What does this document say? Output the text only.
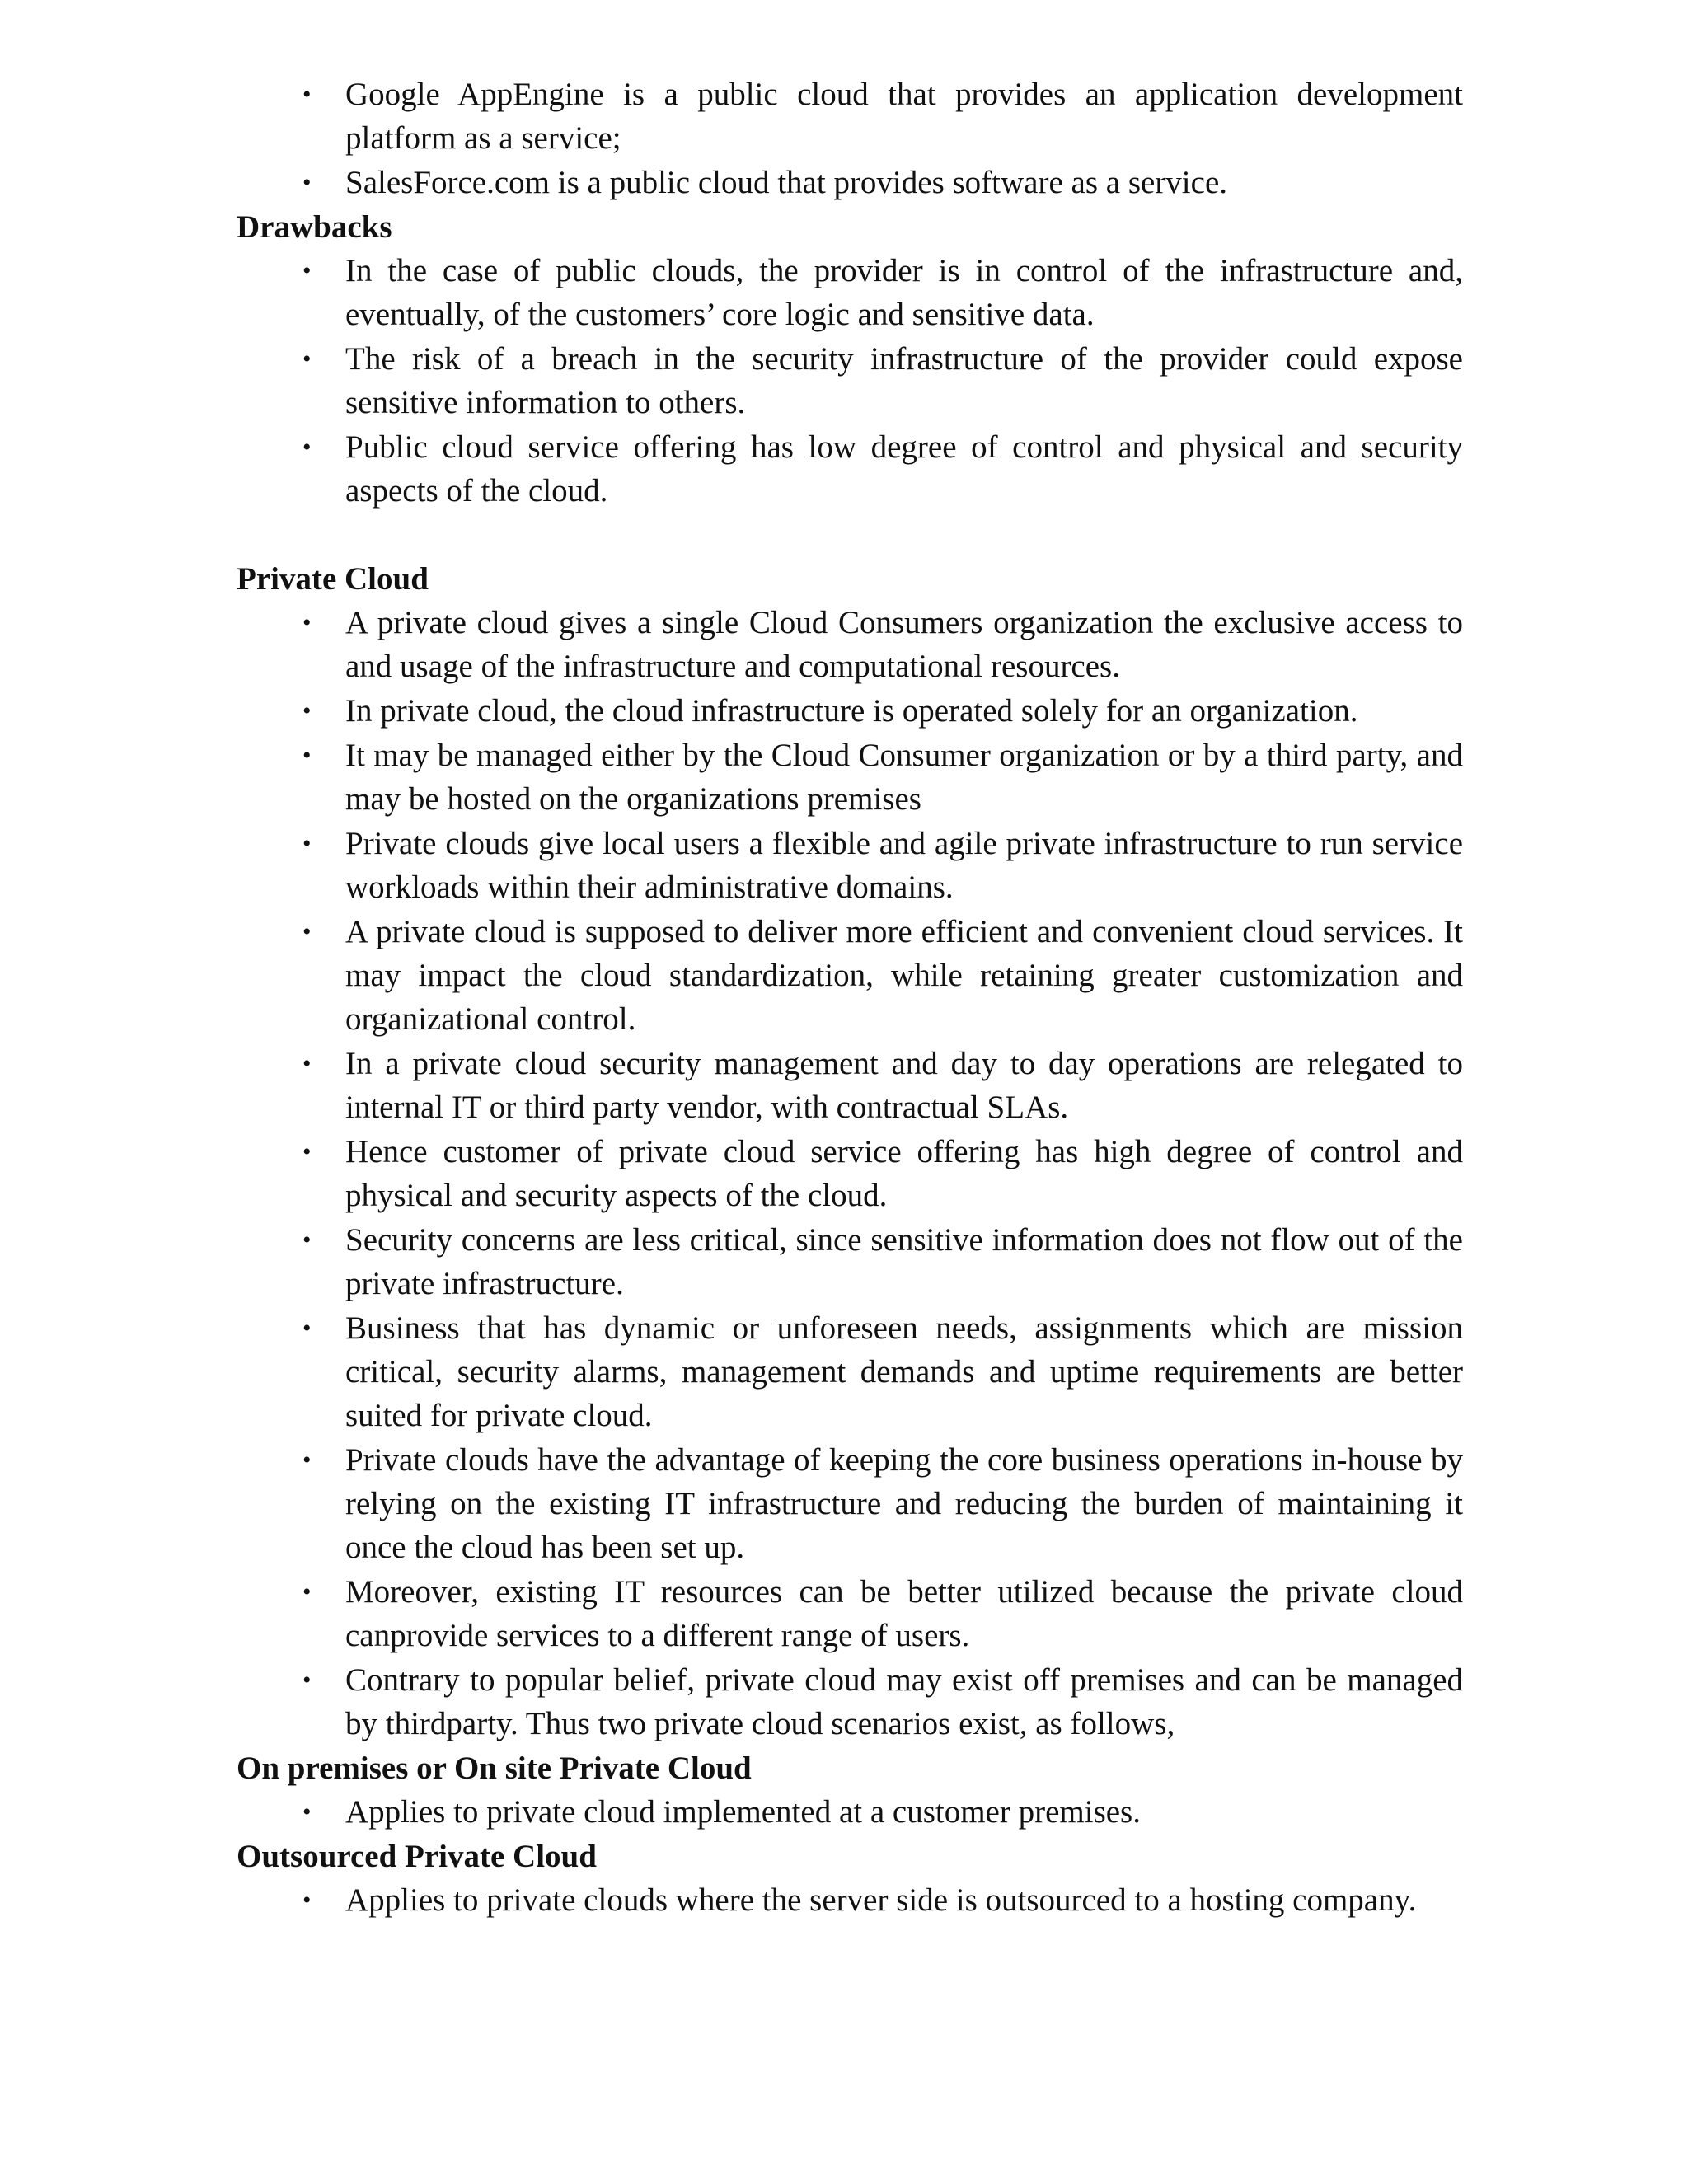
• Google AppEngine is a public cloud that provides an application development platform as a service;
• SalesForce.com is a public cloud that provides software as a service.

Drawbacks

• In the case of public clouds, the provider is in control of the infrastructure and, eventually, of the customers’ core logic and sensitive data.
• The risk of a breach in the security infrastructure of the provider could expose sensitive information to others.
• Public cloud service offering has low degree of control and physical and security aspects of the cloud.

Private Cloud

• A private cloud gives a single Cloud Consumers organization the exclusive access to and usage of the infrastructure and computational resources.
• In private cloud, the cloud infrastructure is operated solely for an organization.
• It may be managed either by the Cloud Consumer organization or by a third party, and may be hosted on the organizations premises
• Private clouds give local users a flexible and agile private infrastructure to run service workloads within their administrative domains.
• A private cloud is supposed to deliver more efficient and convenient cloud services. It may impact the cloud standardization, while retaining greater customization and organizational control.
• In a private cloud security management and day to day operations are relegated to internal IT or third party vendor, with contractual SLAs.
• Hence customer of private cloud service offering has high degree of control and physical and security aspects of the cloud.
• Security concerns are less critical, since sensitive information does not flow out of the private infrastructure.
• Business that has dynamic or unforeseen needs, assignments which are mission critical, security alarms, management demands and uptime requirements are better suited for private cloud.
• Private clouds have the advantage of keeping the core business operations in-house by relying on the existing IT infrastructure and reducing the burden of maintaining it once the cloud has been set up.
• Moreover, existing IT resources can be better utilized because the private cloud canprovide services to a different range of users.
• Contrary to popular belief, private cloud may exist off premises and can be managed by thirdparty. Thus two private cloud scenarios exist, as follows,

On premises or On site Private Cloud

• Applies to private cloud implemented at a customer premises.

Outsourced Private Cloud

• Applies to private clouds where the server side is outsourced to a hosting company.
